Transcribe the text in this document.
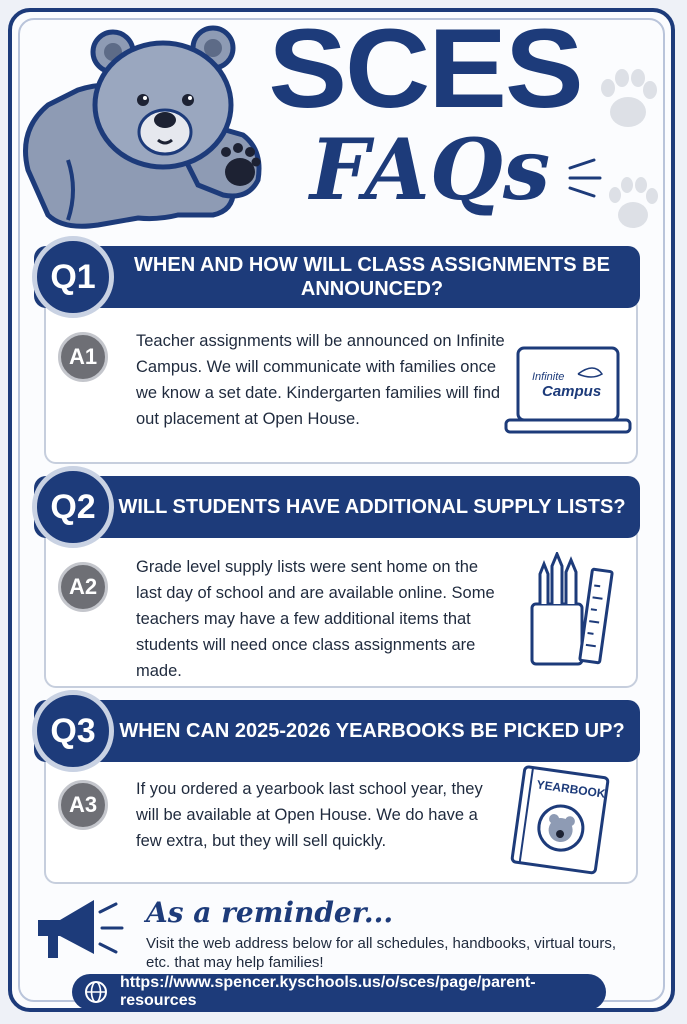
SCES
FAQs
WHEN AND HOW WILL CLASS ASSIGNMENTS BE ANNOUNCED?
Q1
A1
Teacher assignments will be announced on Infinite Campus. We will communicate with families once we know a set date. Kindergarten families will find out placement at Open House.
Infinite
Campus
WILL STUDENTS HAVE ADDITIONAL SUPPLY LISTS?
Q2
A2
Grade level supply lists were sent home on the last day of school and are available online. Some teachers may have a few additional items that students will need once class assignments are made.
WHEN CAN 2025-2026 YEARBOOKS BE PICKED UP?
Q3
A3
If you ordered a yearbook last school year, they will be available at Open House. We do have a few extra, but they will sell quickly.
YEARBOOK
As a reminder...
Visit the web address below for all schedules, handbooks, virtual tours, etc. that may help families!
https://www.spencer.kyschools.us/o/sces/page/parent-resources
